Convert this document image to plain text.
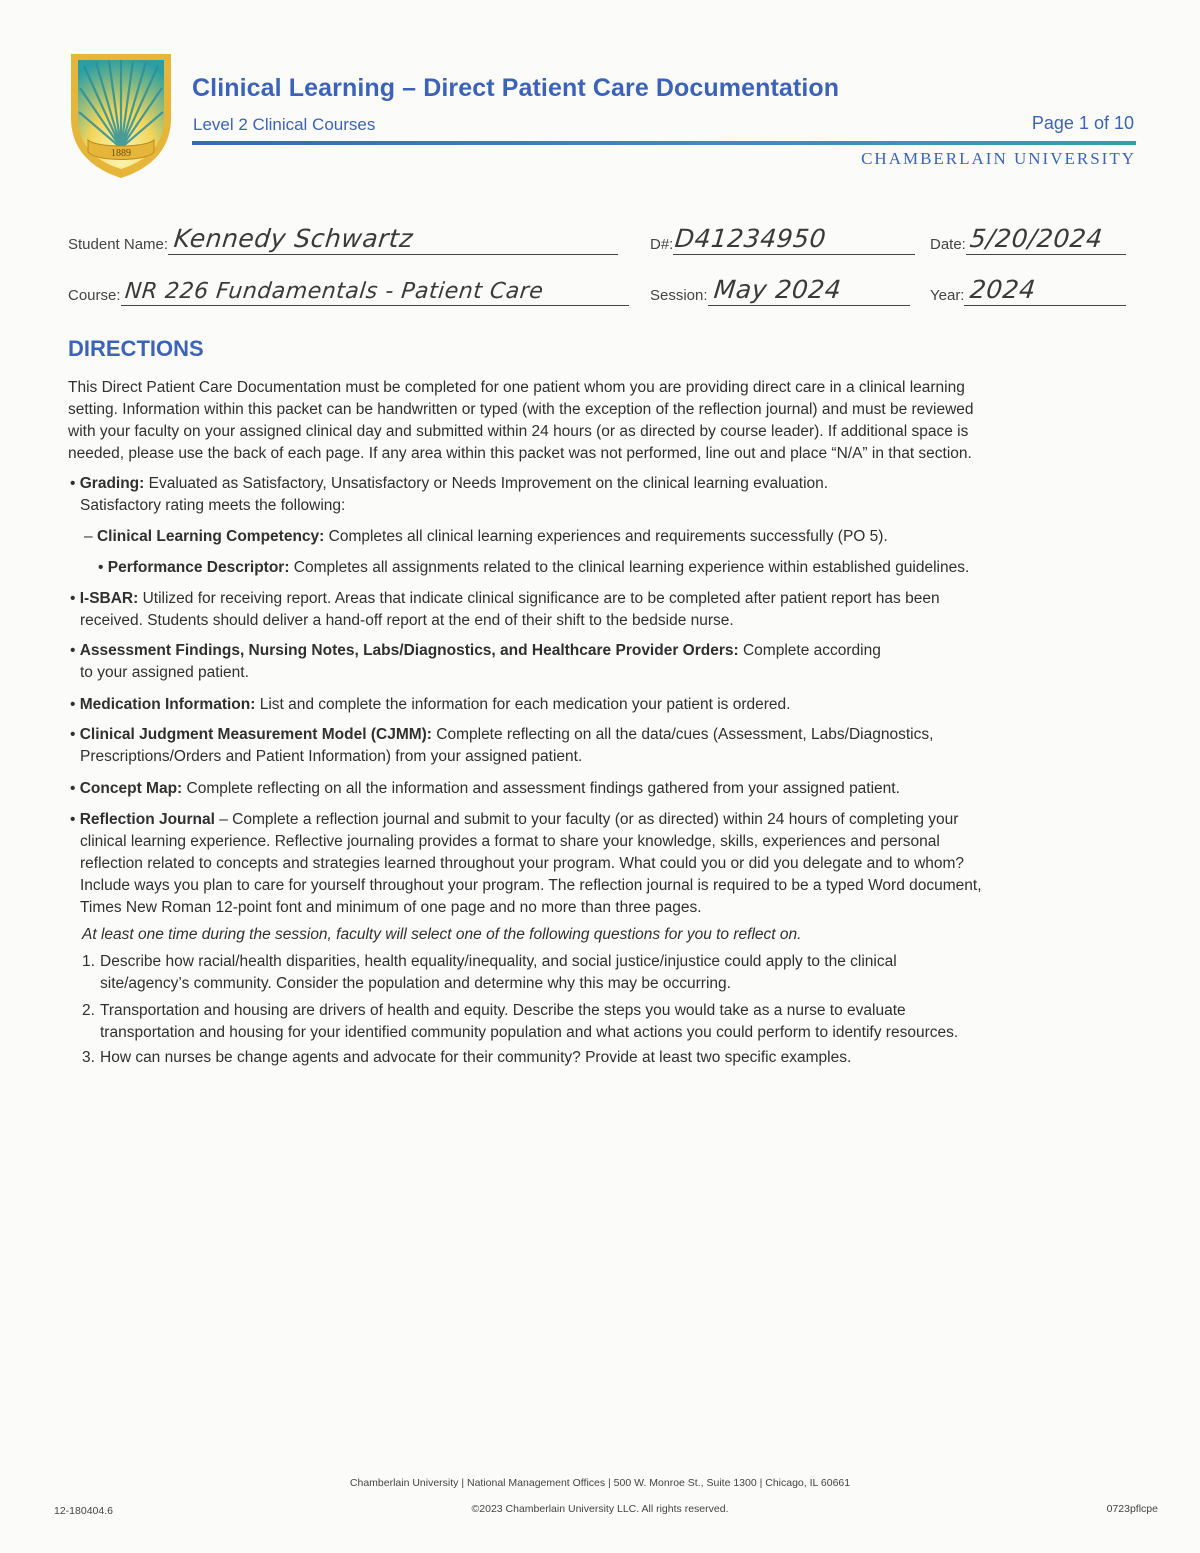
1889
Clinical Learning – Direct Patient Care Documentation
Level 2 Clinical Courses	Page 1 of 10
CHAMBERLAIN UNIVERSITY
Student Name: Kennedy Schwartz	D#: D41234950	Date: 5/20/2024
Course: NR 226 Fundamentals - Patient Care	Session: May 2024	Year: 2024
DIRECTIONS
This Direct Patient Care Documentation must be completed for one patient whom you are providing direct care in a clinical learning
setting. Information within this packet can be handwritten or typed (with the exception of the reflection journal) and must be reviewed
with your faculty on your assigned clinical day and submitted within 24 hours (or as directed by course leader). If additional space is
needed, please use the back of each page. If any area within this packet was not performed, line out and place “N/A” in that section.
• Grading: Evaluated as Satisfactory, Unsatisfactory or Needs Improvement on the clinical learning evaluation.
Satisfactory rating meets the following:
– Clinical Learning Competency: Completes all clinical learning experiences and requirements successfully (PO 5).
• Performance Descriptor: Completes all assignments related to the clinical learning experience within established guidelines.
• I-SBAR: Utilized for receiving report. Areas that indicate clinical significance are to be completed after patient report has been
received. Students should deliver a hand-off report at the end of their shift to the bedside nurse.
• Assessment Findings, Nursing Notes, Labs/Diagnostics, and Healthcare Provider Orders: Complete according
to your assigned patient.
• Medication Information: List and complete the information for each medication your patient is ordered.
• Clinical Judgment Measurement Model (CJMM): Complete reflecting on all the data/cues (Assessment, Labs/Diagnostics,
Prescriptions/Orders and Patient Information) from your assigned patient.
• Concept Map: Complete reflecting on all the information and assessment findings gathered from your assigned patient.
• Reflection Journal – Complete a reflection journal and submit to your faculty (or as directed) within 24 hours of completing your
clinical learning experience. Reflective journaling provides a format to share your knowledge, skills, experiences and personal
reflection related to concepts and strategies learned throughout your program. What could you or did you delegate and to whom?
Include ways you plan to care for yourself throughout your program. The reflection journal is required to be a typed Word document,
Times New Roman 12-point font and minimum of one page and no more than three pages.
At least one time during the session, faculty will select one of the following questions for you to reflect on.
1. Describe how racial/health disparities, health equality/inequality, and social justice/injustice could apply to the clinical
site/agency’s community. Consider the population and determine why this may be occurring.
2. Transportation and housing are drivers of health and equity. Describe the steps you would take as a nurse to evaluate
transportation and housing for your identified community population and what actions you could perform to identify resources.
3. How can nurses be change agents and advocate for their community? Provide at least two specific examples.
Chamberlain University | National Management Offices | 500 W. Monroe St., Suite 1300 | Chicago, IL 60661
©2023 Chamberlain University LLC. All rights reserved.
12-180404.6	0723pflcpe
